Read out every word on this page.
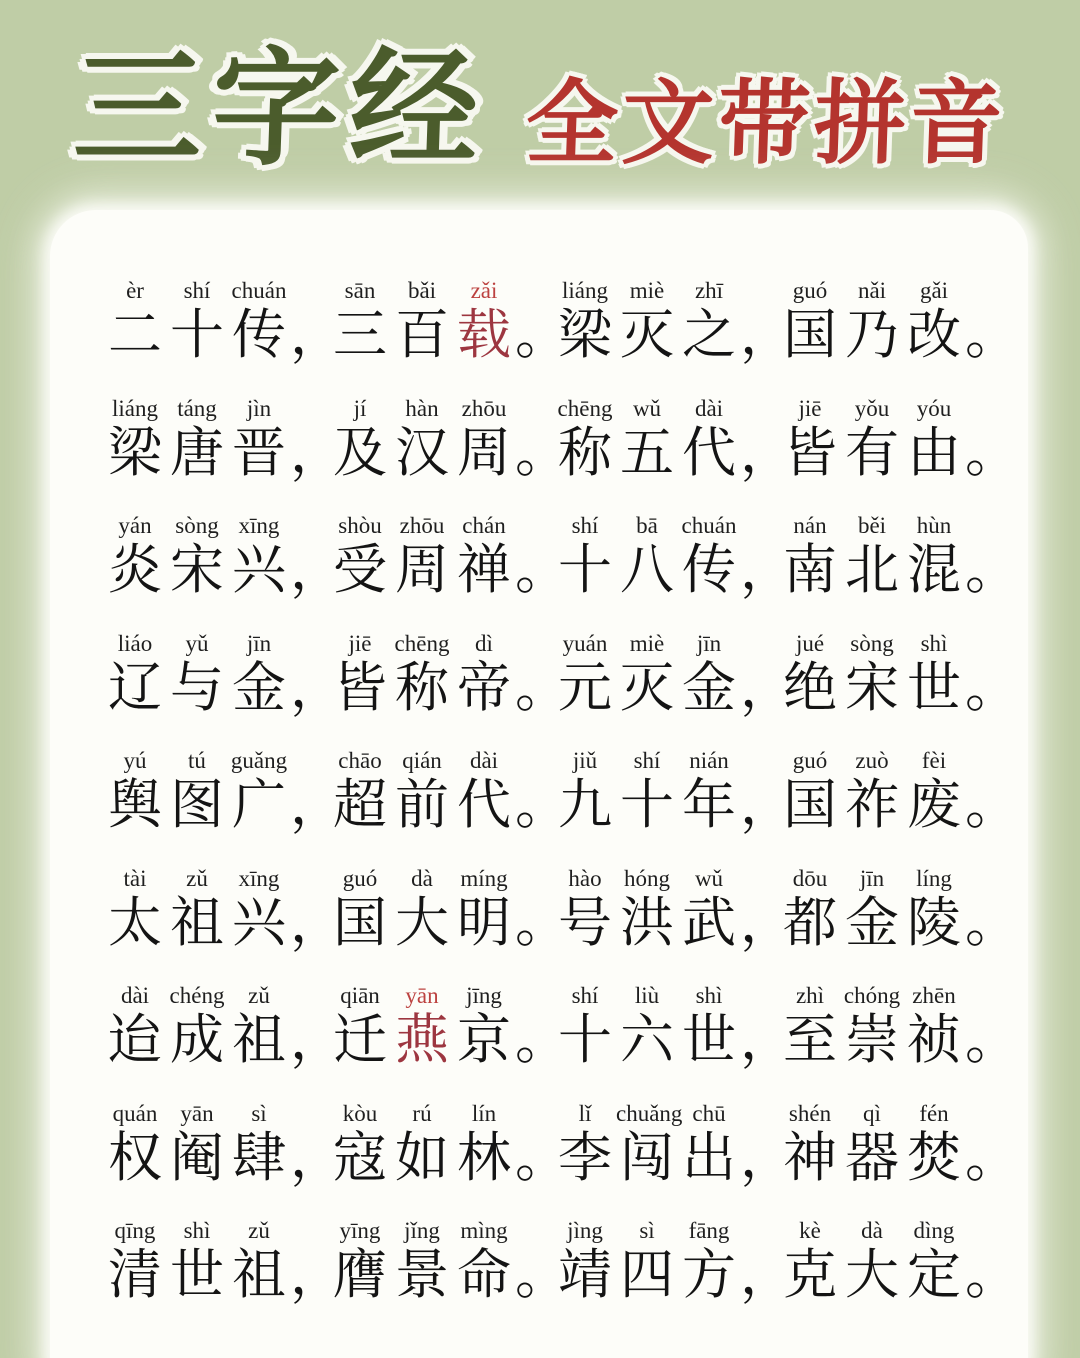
三字经 全文带拼音
èr	shí chuán
二 十 传 ，
sān	bǎi	zǎi
三 百 载 。
liáng miè	zhī
梁 灭 之 ，
guó	nǎi	gǎi
国 乃 改 。
liáng táng	jìn
梁 唐 晋 ，
jí	hàn	zhōu
及 汉 周 。
chēng wǔ	dài
称 五 代 ，
jiē	yǒu	yóu
皆 有 由 。
yán	sòng xīng
炎 宋 兴 ，
shòu zhōu chán
受 周 禅 。
shí	bā	chuán
十 八 传 ，
nán	běi	hùn
南 北 混 。
liáo	yǔ	jīn
辽 与 金 ，
jiē	chēng	dì
皆 称 帝 。
yuán miè	jīn
元 灭 金 ，
jué	sòng	shì
绝 宋 世 。
yú	tú	guǎng
舆 图 广 ，
chāo qián	dài
超 前 代 。
jiǔ	shí	nián
九 十 年 ，
guó	zuò	fèi
国 祚 废 。
tài	zǔ	xīng
太 祖 兴 ，
guó	dà	míng
国 大 明 。
hào hóng	wǔ
号 洪 武 ，
dōu	jīn	líng
都 金 陵 。
dài chéng	zǔ
迨 成 祖 ，
qiān	yān	jīng
迁 燕 京 。
shí	liù	shì
十 六 世 ，
zhì chóng zhēn
至 崇 祯 。
quán	yān	sì
权 阉 肆 ，
kòu	rú	lín
寇 如 林 。
lǐ	chuǎng chū
李 闯 出 ，
shén	qì	fén
神 器 焚 。
qīng	shì	zǔ
清 世 祖 ，
yīng	jǐng mìng
膺 景 命 。
jìng	sì	fāng
靖 四 方 ，
kè	dà	dìng
克 大 定 。
